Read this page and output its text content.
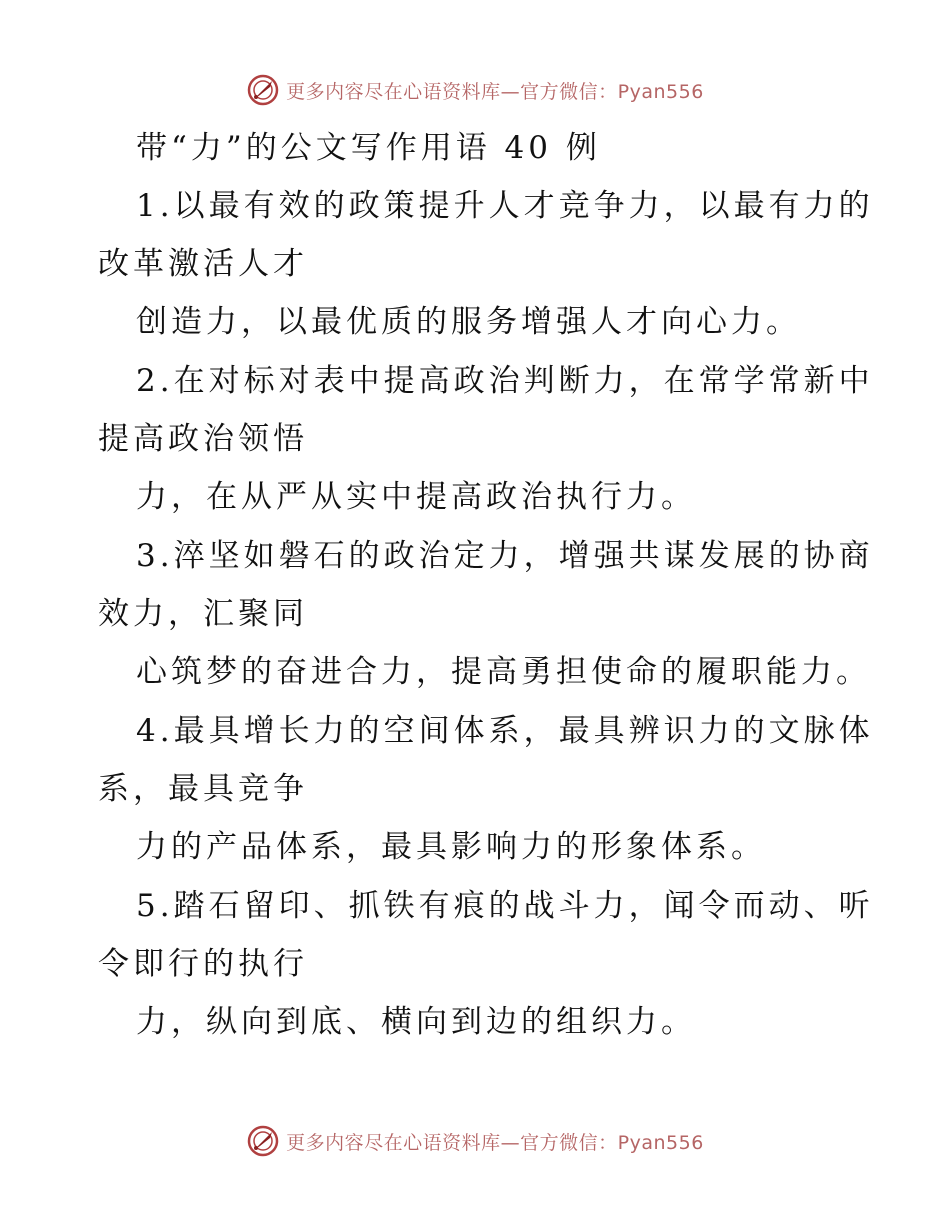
更多内容尽在心语资料库—官方微信：Pyan556
带“力”的公文写作用语 40 例
1.以最有效的政策提升人才竞争力，以最有力的
改革激活人才
创造力，以最优质的服务增强人才向心力。
2.在对标对表中提高政治判断力，在常学常新中
提高政治领悟
力，在从严从实中提高政治执行力。
3.淬坚如磐石的政治定力，增强共谋发展的协商
效力，汇聚同
心筑梦的奋进合力，提高勇担使命的履职能力。
4.最具增长力的空间体系，最具辨识力的文脉体
系，最具竞争
力的产品体系，最具影响力的形象体系。
5.踏石留印、抓铁有痕的战斗力，闻令而动、听
令即行的执行
力，纵向到底、横向到边的组织力。
更多内容尽在心语资料库—官方微信：Pyan556
